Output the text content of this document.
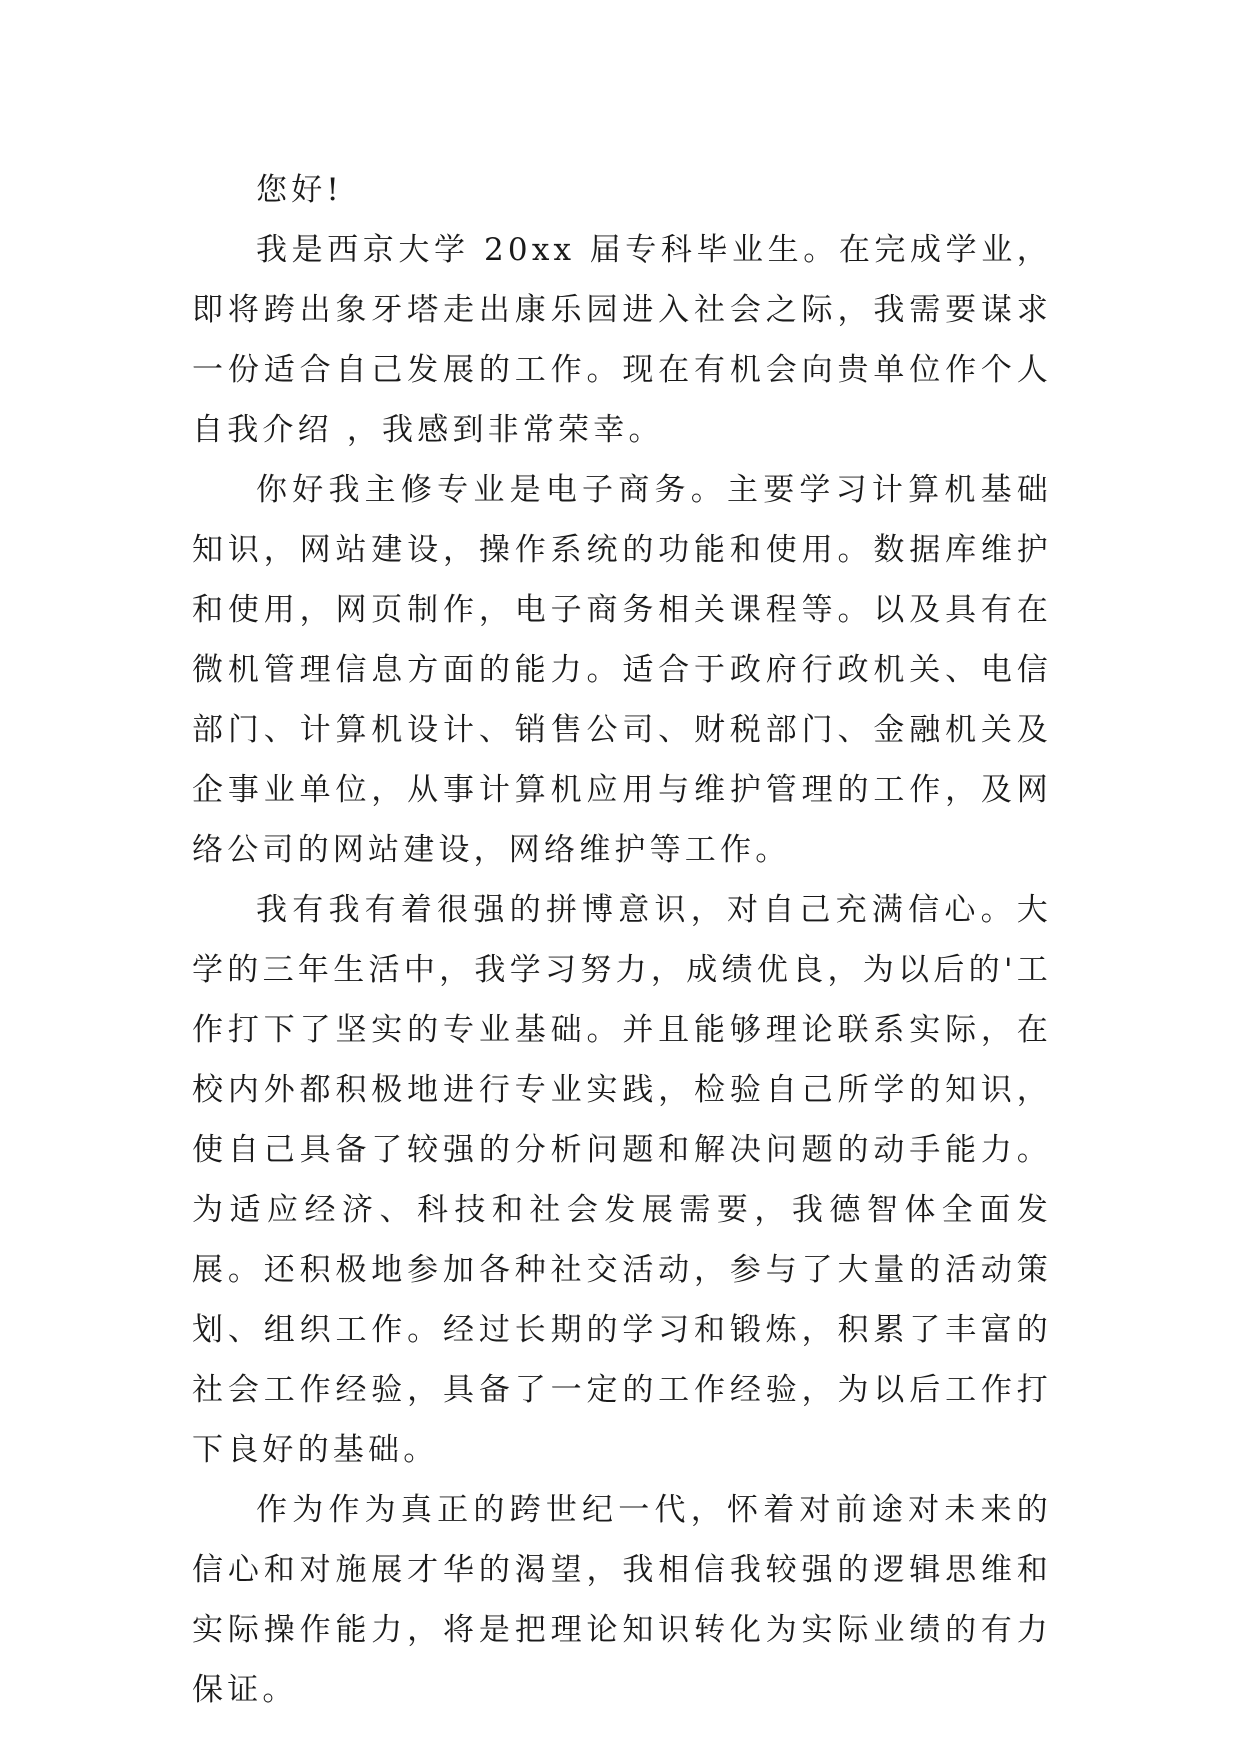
您好!

我是西京大学 20xx 届专科毕业生。在完成学业，即将跨出象牙塔走出康乐园进入社会之际，我需要谋求一份适合自己发展的工作。现在有机会向贵单位作个人自我介绍 ，我感到非常荣幸。

你好我主修专业是电子商务。主要学习计算机基础知识，网站建设，操作系统的功能和使用。数据库维护和使用，网页制作，电子商务相关课程等。以及具有在微机管理信息方面的能力。适合于政府行政机关、电信部门、计算机设计、销售公司、财税部门、金融机关及企事业单位，从事计算机应用与维护管理的工作，及网络公司的网站建设，网络维护等工作。

我有我有着很强的拼博意识，对自己充满信心。大学的三年生活中，我学习努力，成绩优良，为以后的'工作打下了坚实的专业基础。并且能够理论联系实际，在校内外都积极地进行专业实践，检验自己所学的知识，使自己具备了较强的分析问题和解决问题的动手能力。为适应经济、科技和社会发展需要，我德智体全面发展。还积极地参加各种社交活动，参与了大量的活动策划、组织工作。经过长期的学习和锻炼，积累了丰富的社会工作经验，具备了一定的工作经验，为以后工作打下良好的基础。

作为作为真正的跨世纪一代，怀着对前途对未来的信心和对施展才华的渴望，我相信我较强的逻辑思维和实际操作能力，将是把理论知识转化为实际业绩的有力保证。
